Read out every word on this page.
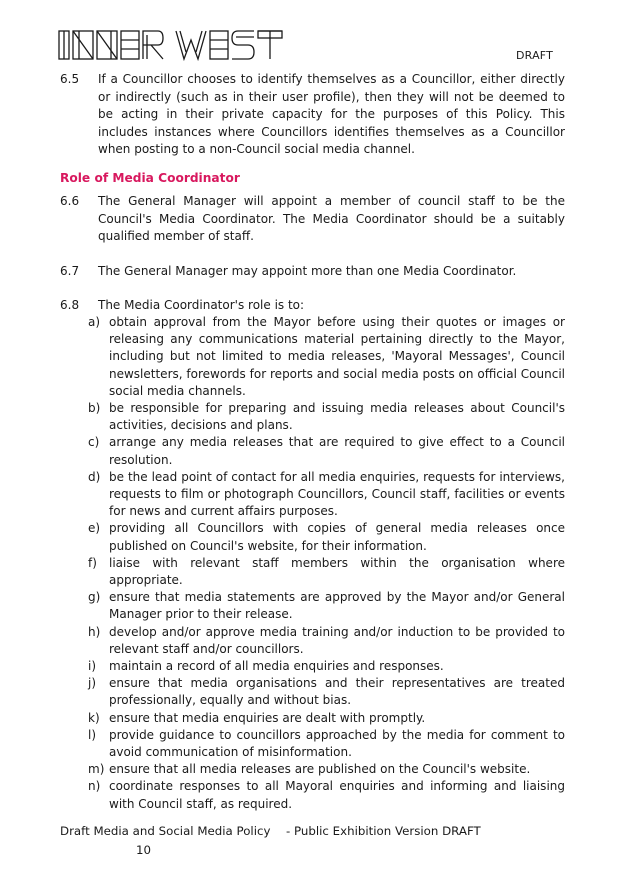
DRAFT
6.5 If a Councillor chooses to identify themselves as a Councillor, either directly or indirectly (such as in their user profile), then they will not be deemed to be acting in their private capacity for the purposes of this Policy. This includes instances where Councillors identifies themselves as a Councillor when posting to a non-Council social media channel.
Role of Media Coordinator
6.6 The General Manager will appoint a member of council staff to be the Council's Media Coordinator. The Media Coordinator should be a suitably qualified member of staff.
6.7 The General Manager may appoint more than one Media Coordinator.
6.8 The Media Coordinator's role is to:
a) obtain approval from the Mayor before using their quotes or images or releasing any communications material pertaining directly to the Mayor, including but not limited to media releases, 'Mayoral Messages', Council newsletters, forewords for reports and social media posts on official Council social media channels.
b) be responsible for preparing and issuing media releases about Council's activities, decisions and plans.
c) arrange any media releases that are required to give effect to a Council resolution.
d) be the lead point of contact for all media enquiries, requests for interviews, requests to film or photograph Councillors, Council staff, facilities or events for news and current affairs purposes.
e) providing all Councillors with copies of general media releases once published on Council's website, for their information.
f) liaise with relevant staff members within the organisation where appropriate.
g) ensure that media statements are approved by the Mayor and/or General Manager prior to their release.
h) develop and/or approve media training and/or induction to be provided to relevant staff and/or councillors.
i) maintain a record of all media enquiries and responses.
j) ensure that media organisations and their representatives are treated professionally, equally and without bias.
k) ensure that media enquiries are dealt with promptly.
l) provide guidance to councillors approached by the media for comment to avoid communication of misinformation.
m) ensure that all media releases are published on the Council's website.
n) coordinate responses to all Mayoral enquiries and informing and liaising with Council staff, as required.
Draft Media and Social Media Policy - Public Exhibition Version DRAFT
10
